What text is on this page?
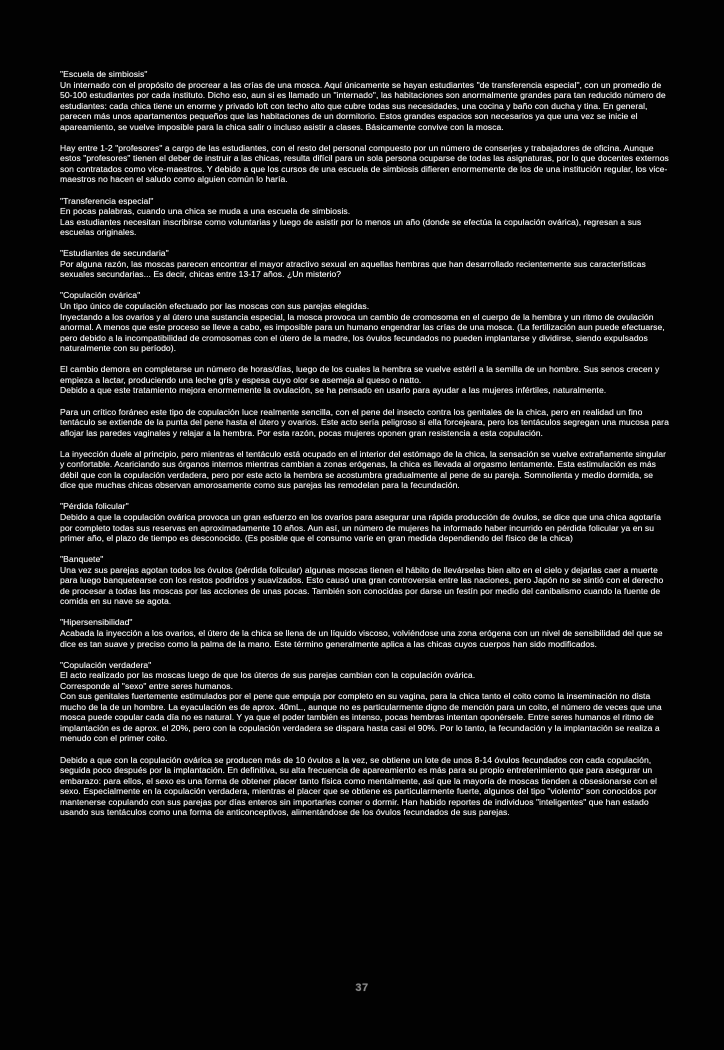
"Escuela de simbiosis"

Un internado con el propósito de procrear a las crías de una mosca. Aquí únicamente se hayan estudiantes "de transferencia especial", con un promedio de 50-100 estudiantes por cada instituto. Dicho eso, aun si es llamado un "internado", las habitaciones son anormalmente grandes para tan reducido número de estudiantes: cada chica tiene un enorme y privado loft con techo alto que cubre todas sus necesidades, una cocina y baño con ducha y tina. En general, parecen más unos apartamentos pequeños que las habitaciones de un dormitorio. Estos grandes espacios son necesarios ya que una vez se inicie el apareamiento, se vuelve imposible para la chica salir o incluso asistir a clases. Básicamente convive con la mosca.

Hay entre 1-2 "profesores" a cargo de las estudiantes, con el resto del personal compuesto por un número de conserjes y trabajadores de oficina. Aunque estos "profesores" tienen el deber de instruir a las chicas, resulta difícil para un sola persona ocuparse de todas las asignaturas, por lo que docentes externos son contratados como vice-maestros. Y debido a que los cursos de una escuela de simbiosis difieren enormemente de los de una institución regular, los vice-maestros no hacen el saludo como alguien común lo haría.

"Transferencia especial"

En pocas palabras, cuando una chica se muda a una escuela de simbiosis.

Las estudiantes necesitan inscribirse como voluntarias y luego de asistir por lo menos un año (donde se efectúa la copulación ovárica), regresan a sus escuelas originales.

"Estudiantes de secundaria"

Por alguna razón, las moscas parecen encontrar el mayor atractivo sexual en aquellas hembras que han desarrollado recientemente sus características sexuales secundarias... Es decir, chicas entre 13-17 años. ¿Un misterio?

"Copulación ovárica"

Un tipo único de copulación efectuado por las moscas con sus parejas elegidas.

Inyectando a los ovarios y al útero una sustancia especial, la mosca provoca un cambio de cromosoma en el cuerpo de la hembra y un ritmo de ovulación anormal. A menos que este proceso se lleve a cabo, es imposible para un humano engendrar las crías de una mosca. (La fertilización aun puede efectuarse, pero debido a la incompatibilidad de cromosomas con el útero de la madre, los óvulos fecundados no pueden implantarse y dividirse, siendo expulsados naturalmente con su período).

El cambio demora en completarse un número de horas/días, luego de los cuales la hembra se vuelve estéril a la semilla de un hombre. Sus senos crecen y empieza a lactar, produciendo una leche gris y espesa cuyo olor se asemeja al queso o natto.

Debido a que este tratamiento mejora enormemente la ovulación, se ha pensado en usarlo para ayudar a las mujeres infértiles, naturalmente.

Para un crítico foráneo este tipo de copulación luce realmente sencilla, con el pene del insecto contra los genitales de la chica, pero en realidad un fino tentáculo se extiende de la punta del pene hasta el útero y ovarios. Este acto sería peligroso si ella forcejeara, pero los tentáculos segregan una mucosa para aflojar las paredes vaginales y relajar a la hembra. Por esta razón, pocas mujeres oponen gran resistencia a esta copulación.

La inyección duele al principio, pero mientras el tentáculo está ocupado en el interior del estómago de la chica, la sensación se vuelve extrañamente singular y confortable. Acariciando sus órganos internos mientras cambian a zonas erógenas, la chica es llevada al orgasmo lentamente. Esta estimulación es más débil que con la copulación verdadera, pero por este acto la hembra se acostumbra gradualmente al pene de su pareja. Somnolienta y medio dormida, se dice que muchas chicas observan amorosamente como sus parejas las remodelan para la fecundación.

"Pérdida folicular"

Debido a que la copulación ovárica provoca un gran esfuerzo en los ovarios para asegurar una rápida producción de óvulos, se dice que una chica agotaría por completo todas sus reservas en aproximadamente 10 años. Aun así, un número de mujeres ha informado haber incurrido en pérdida folicular ya en su primer año, el plazo de tiempo es desconocido. (Es posible que el consumo varíe en gran medida dependiendo del físico de la chica)

"Banquete"

Una vez sus parejas agotan todos los óvulos (pérdida folicular) algunas moscas tienen el hábito de llevárselas bien alto en el cielo y dejarlas caer a muerte para luego banquetearse con los restos podridos y suavizados. Esto causó una gran controversia entre las naciones, pero Japón no se sintió con el derecho de procesar a todas las moscas por las acciones de unas pocas. También son conocidas por darse un festín por medio del canibalismo cuando la fuente de comida en su nave se agota.

"Hipersensibilidad"

Acabada la inyección a los ovarios, el útero de la chica se llena de un líquido viscoso, volviéndose una zona erógena con un nivel de sensibilidad del que se dice es tan suave y preciso como la palma de la mano. Este término generalmente aplica a las chicas cuyos cuerpos han sido modificados.

"Copulación verdadera"

El acto realizado por las moscas luego de que los úteros de sus parejas cambian con la copulación ovárica.

Corresponde al "sexo" entre seres humanos.

Con sus genitales fuertemente estimulados por el pene que empuja por completo en su vagina, para la chica tanto el coito como la inseminación no dista mucho de la de un hombre. La eyaculación es de aprox. 40mL., aunque no es particularmente digno de mención para un coito, el número de veces que una mosca puede copular cada día no es natural. Y ya que el poder también es intenso, pocas hembras intentan oponérsele. Entre seres humanos el ritmo de implantación es de aprox. el 20%, pero con la copulación verdadera se dispara hasta casi el 90%. Por lo tanto, la fecundación y la implantación se realiza a menudo con el primer coito.

Debido a que con la copulación ovárica se producen más de 10 óvulos a la vez, se obtiene un lote de unos 8-14 óvulos fecundados con cada copulación, seguida poco después por la implantación. En definitiva, su alta frecuencia de apareamiento es más para su propio entretenimiento que para asegurar un embarazo: para ellos, el sexo es una forma de obtener placer tanto física como mentalmente, así que la mayoría de moscas tienden a obsesionarse con el sexo. Especialmente en la copulación verdadera, mientras el placer que se obtiene es particularmente fuerte, algunos del tipo "violento" son conocidos por mantenerse copulando con sus parejas por días enteros sin importarles comer o dormir. Han habido reportes de individuos "inteligentes" que han estado usando sus tentáculos como una forma de anticonceptivos, alimentándose de los óvulos fecundados de sus parejas.

37
